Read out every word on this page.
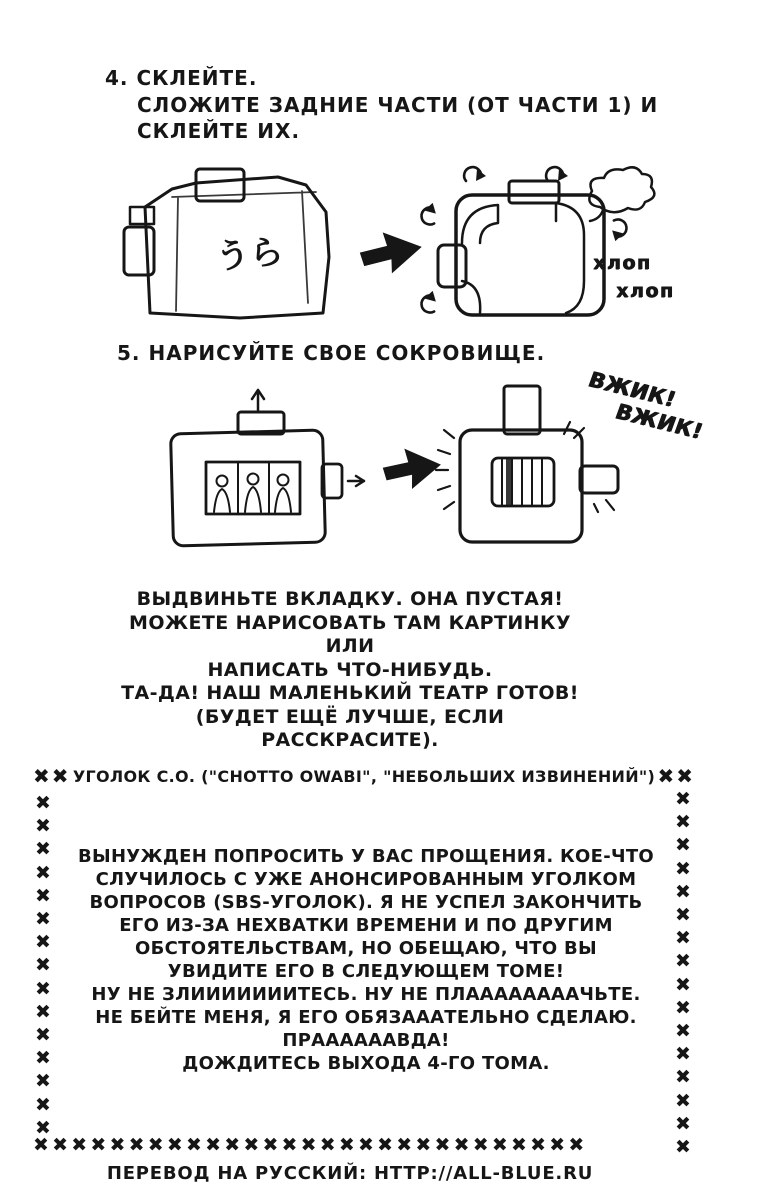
4. СКЛЕЙТЕ.
СЛОЖИТЕ ЗАДНИЕ ЧАСТИ (ОТ ЧАСТИ 1) И
СКЛЕЙТЕ ИХ.
うら	хлоп
хлоп
5. НАРИСУЙТЕ СВОЕ СОКРОВИЩЕ.
ВЖИК!
ВЖИК!
ВЫДВИНЬТЕ ВКЛАДКУ. ОНА ПУСТАЯ!
МОЖЕТЕ НАРИСОВАТЬ ТАМ КАРТИНКУ ИЛИ
НАПИСАТЬ ЧТО-НИБУДЬ.
ТА-ДА! НАШ МАЛЕНЬКИЙ ТЕАТР ГОТОВ!
(БУДЕТ ЕЩЁ ЛУЧШЕ, ЕСЛИ РАССКРАСИТЕ).
✖✖ УГОЛОК С.О. ("CHOTTO OWABI", "НЕБОЛЬШИХ ИЗВИНЕНИЙ") ✖✖
✖✖✖✖✖✖✖✖✖✖✖✖✖✖✖
✖✖✖✖✖✖✖✖✖✖✖✖✖✖✖✖
✖✖✖✖✖✖✖✖✖✖✖✖✖✖✖✖✖✖✖✖✖✖✖✖✖✖✖✖✖
ВЫНУЖДЕН ПОПРОСИТЬ У ВАС ПРОЩЕНИЯ. КОЕ-ЧТО
СЛУЧИЛОСЬ С УЖЕ АНОНСИРОВАННЫМ УГОЛКОМ
ВОПРОСОВ (SBS-УГОЛОК). Я НЕ УСПЕЛ ЗАКОНЧИТЬ
ЕГО ИЗ-ЗА НЕХВАТКИ ВРЕМЕНИ И ПО ДРУГИМ
ОБСТОЯТЕЛЬСТВАМ, НО ОБЕЩАЮ, ЧТО ВЫ
УВИДИТЕ ЕГО В СЛЕДУЮЩЕМ ТОМЕ!
НУ НЕ ЗЛИИИИИИИТЕСЬ. НУ НЕ ПЛААААААААЧЬТЕ.
НЕ БЕЙТЕ МЕНЯ, Я ЕГО ОБЯЗАААТЕЛЬНО СДЕЛАЮ.
ПРААААААВДА!
ДОЖДИТЕСЬ ВЫХОДА 4-ГО ТОМА.
ПЕРЕВОД НА РУССКИЙ: HTTP://ALL-BLUE.RU
